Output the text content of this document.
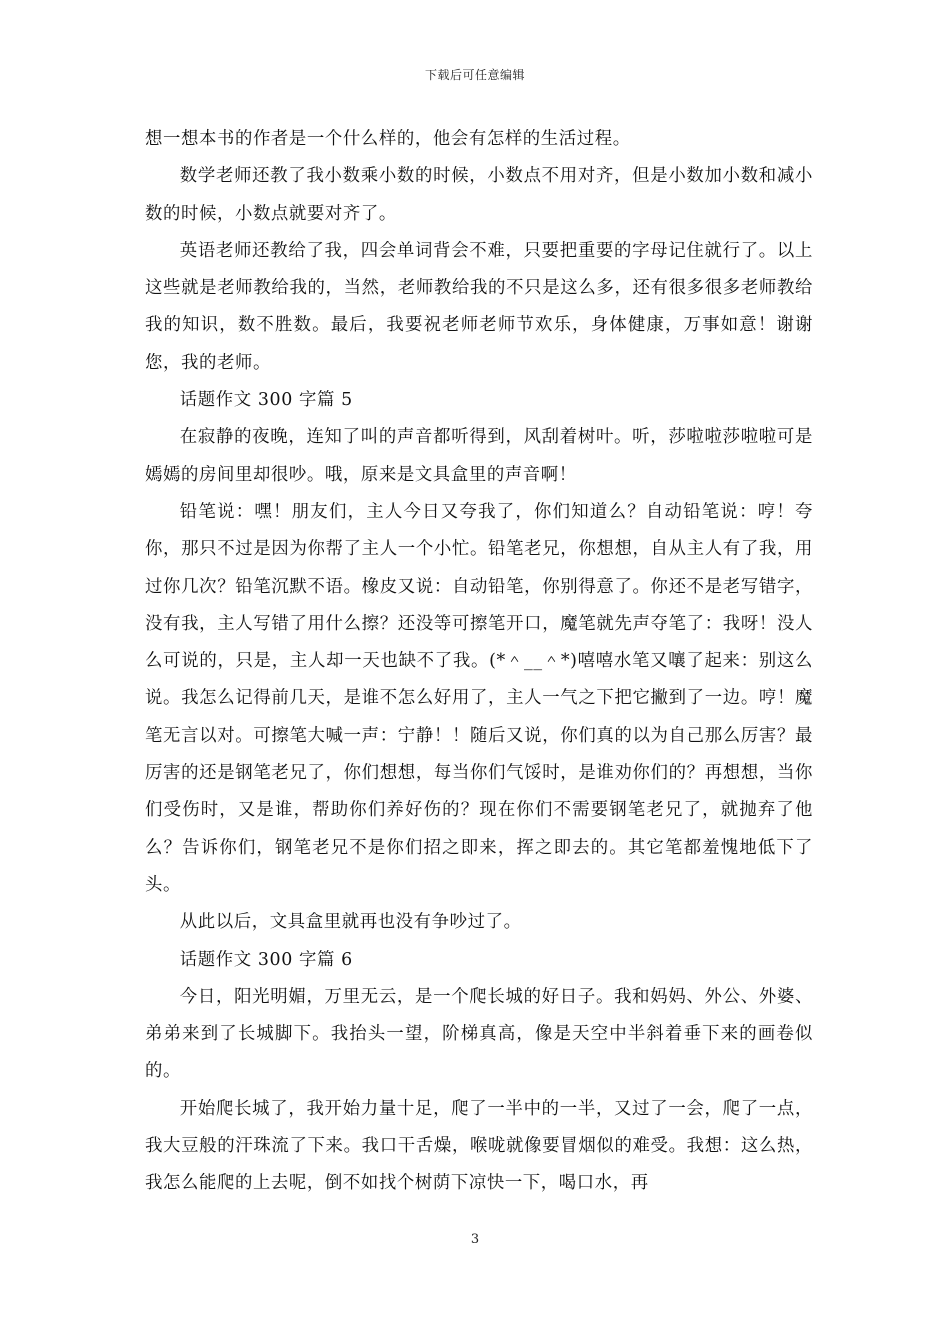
下载后可任意编辑

想一想本书的作者是一个什么样的，他会有怎样的生活过程。

数学老师还教了我小数乘小数的时候，小数点不用对齐，但是小数加小数和减小数的时候，小数点就要对齐了。

英语老师还教给了我，四会单词背会不难，只要把重要的字母记住就行了。以上这些就是老师教给我的，当然，老师教给我的不只是这么多，还有很多很多老师教给我的知识，数不胜数。最后，我要祝老师老师节欢乐，身体健康，万事如意！谢谢您，我的老师。

话题作文 300 字篇 5

在寂静的夜晚，连知了叫的声音都听得到，风刮着树叶。听，莎啦啦莎啦啦可是嫣嫣的房间里却很吵。哦，原来是文具盒里的声音啊！

铅笔说：嘿！朋友们，主人今日又夸我了，你们知道么？自动铅笔说：哼！夸你，那只不过是因为你帮了主人一个小忙。铅笔老兄，你想想，自从主人有了我，用过你几次？铅笔沉默不语。橡皮又说：自动铅笔，你别得意了。你还不是老写错字，没有我，主人写错了用什么擦？还没等可擦笔开口，魔笔就先声夺笔了：我呀！没人么可说的，只是，主人却一天也缺不了我。(*＾__＾*)嘻嘻水笔又嚷了起来：别这么说。我怎么记得前几天，是谁不怎么好用了，主人一气之下把它撇到了一边。哼！魔笔无言以对。可擦笔大喊一声：宁静！！随后又说，你们真的以为自己那么厉害？最厉害的还是钢笔老兄了，你们想想，每当你们气馁时，是谁劝你们的？再想想，当你们受伤时，又是谁，帮助你们养好伤的？现在你们不需要钢笔老兄了，就抛弃了他么？告诉你们，钢笔老兄不是你们招之即来，挥之即去的。其它笔都羞愧地低下了头。

从此以后，文具盒里就再也没有争吵过了。

话题作文 300 字篇 6

今日，阳光明媚，万里无云，是一个爬长城的好日子。我和妈妈、外公、外婆、弟弟来到了长城脚下。我抬头一望，阶梯真高，像是天空中半斜着垂下来的画卷似的。

开始爬长城了，我开始力量十足，爬了一半中的一半，又过了一会，爬了一点，我大豆般的汗珠流了下来。我口干舌燥，喉咙就像要冒烟似的难受。我想：这么热，我怎么能爬的上去呢，倒不如找个树荫下凉快一下，喝口水，再

3
